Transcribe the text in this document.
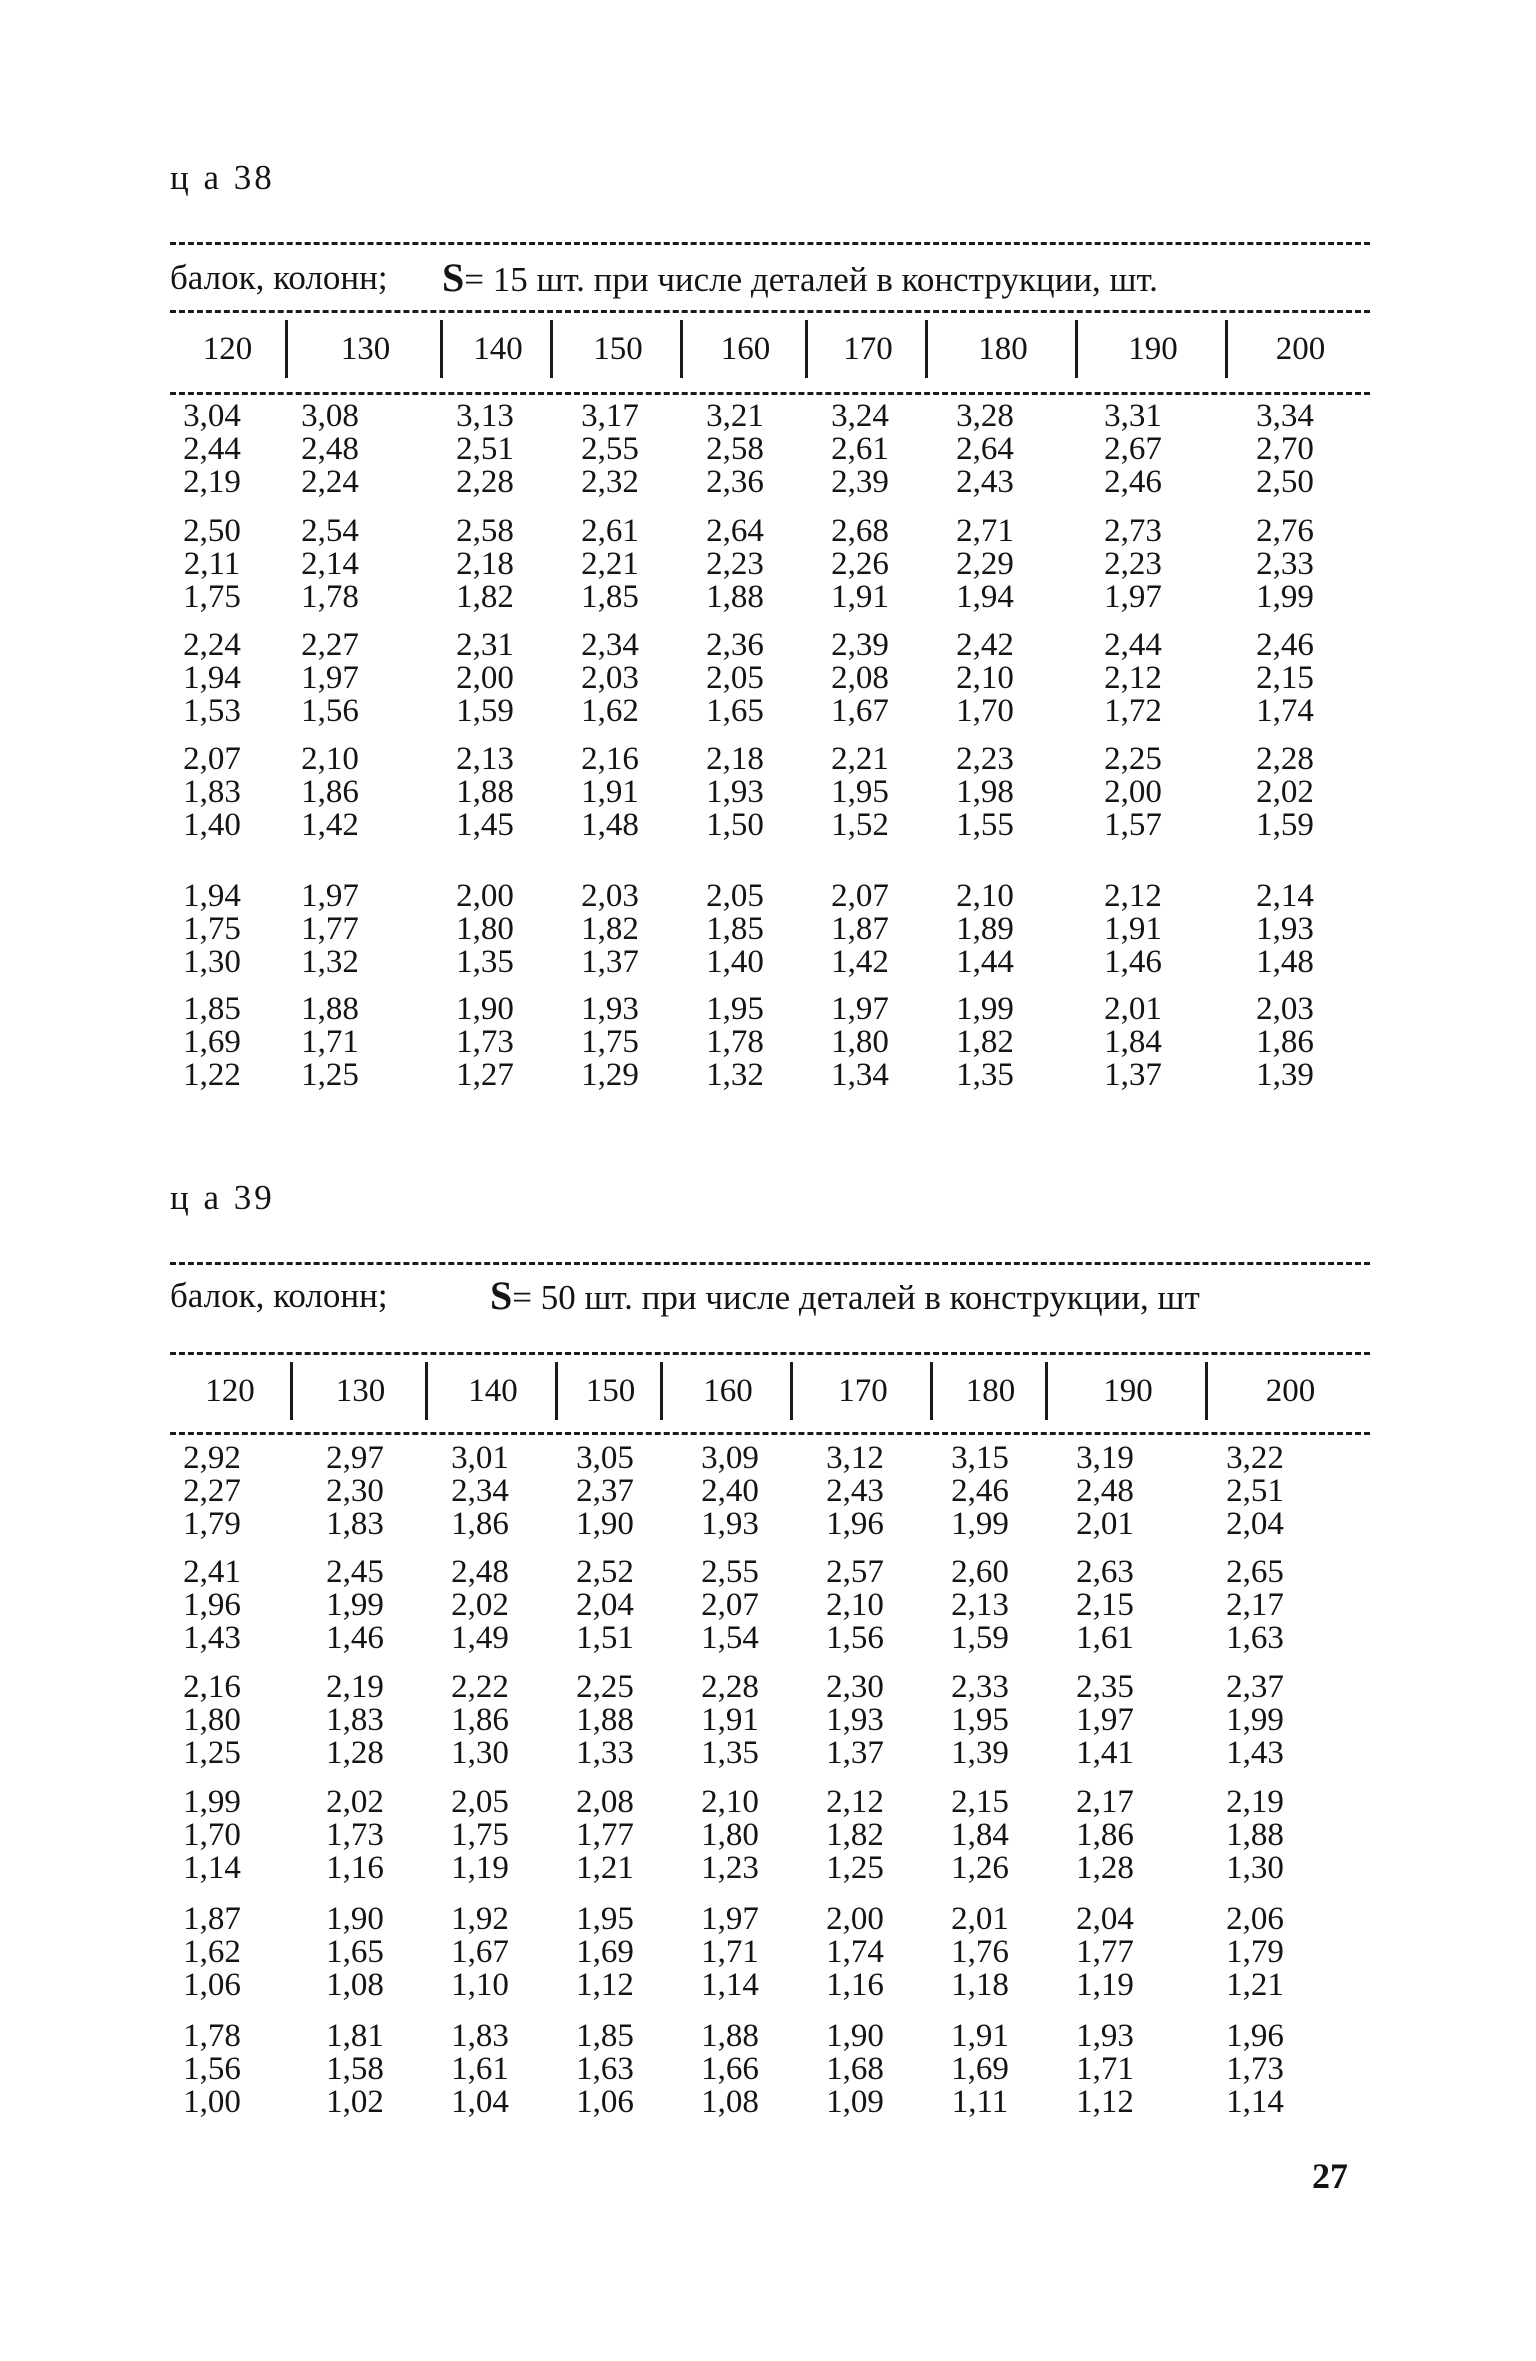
ц а 38
балок, колонн; S= 15 шт. при числе деталей в конструкции, шт.
120	130	140	150	160	170	180	190	200
3,04	3,08	3,13	3,17	3,21	3,24	3,28	3,31	3,34
2,44	2,48	2,51	2,55	2,58	2,61	2,64	2,67	2,70
2,19	2,24	2,28	2,32	2,36	2,39	2,43	2,46	2,50
2,50	2,54	2,58	2,61	2,64	2,68	2,71	2,73	2,76
2,11	2,14	2,18	2,21	2,23	2,26	2,29	2,23	2,33
1,75	1,78	1,82	1,85	1,88	1,91	1,94	1,97	1,99
2,24	2,27	2,31	2,34	2,36	2,39	2,42	2,44	2,46
1,94	1,97	2,00	2,03	2,05	2,08	2,10	2,12	2,15
1,53	1,56	1,59	1,62	1,65	1,67	1,70	1,72	1,74
2,07	2,10	2,13	2,16	2,18	2,21	2,23	2,25	2,28
1,83	1,86	1,88	1,91	1,93	1,95	1,98	2,00	2,02
1,40	1,42	1,45	1,48	1,50	1,52	1,55	1,57	1,59
1,94	1,97	2,00	2,03	2,05	2,07	2,10	2,12	2,14
1,75	1,77	1,80	1,82	1,85	1,87	1,89	1,91	1,93
1,30	1,32	1,35	1,37	1,40	1,42	1,44	1,46	1,48
1,85	1,88	1,90	1,93	1,95	1,97	1,99	2,01	2,03
1,69	1,71	1,73	1,75	1,78	1,80	1,82	1,84	1,86
1,22	1,25	1,27	1,29	1,32	1,34	1,35	1,37	1,39
ц а 39
балок, колонн;	S= 50 шт. при числе деталей в конструкции, шт
120	130	140	150	160	170	180	190	200
2,92	2,97	3,01	3,05	3,09	3,12	3,15	3,19	3,22
2,27	2,30	2,34	2,37	2,40	2,43	2,46	2,48	2,51
1,79	1,83	1,86	1,90	1,93	1,96	1,99	2,01	2,04
2,41	2,45	2,48	2,52	2,55	2,57	2,60	2,63	2,65
1,96	1,99	2,02	2,04	2,07	2,10	2,13	2,15	2,17
1,43	1,46	1,49	1,51	1,54	1,56	1,59	1,61	1,63
2,16	2,19	2,22	2,25	2,28	2,30	2,33	2,35	2,37
1,80	1,83	1,86	1,88	1,91	1,93	1,95	1,97	1,99
1,25	1,28	1,30	1,33	1,35	1,37	1,39	1,41	1,43
1,99	2,02	2,05	2,08	2,10	2,12	2,15	2,17	2,19
1,70	1,73	1,75	1,77	1,80	1,82	1,84	1,86	1,88
1,14	1,16	1,19	1,21	1,23	1,25	1,26	1,28	1,30
1,87	1,90	1,92	1,95	1,97	2,00	2,01	2,04	2,06
1,62	1,65	1,67	1,69	1,71	1,74	1,76	1,77	1,79
1,06	1,08	1,10	1,12	1,14	1,16	1,18	1,19	1,21
1,78	1,81	1,83	1,85	1,88	1,90	1,91	1,93	1,96
1,56	1,58	1,61	1,63	1,66	1,68	1,69	1,71	1,73
1,00	1,02	1,04	1,06	1,08	1,09	1,11	1,12	1,14
27
